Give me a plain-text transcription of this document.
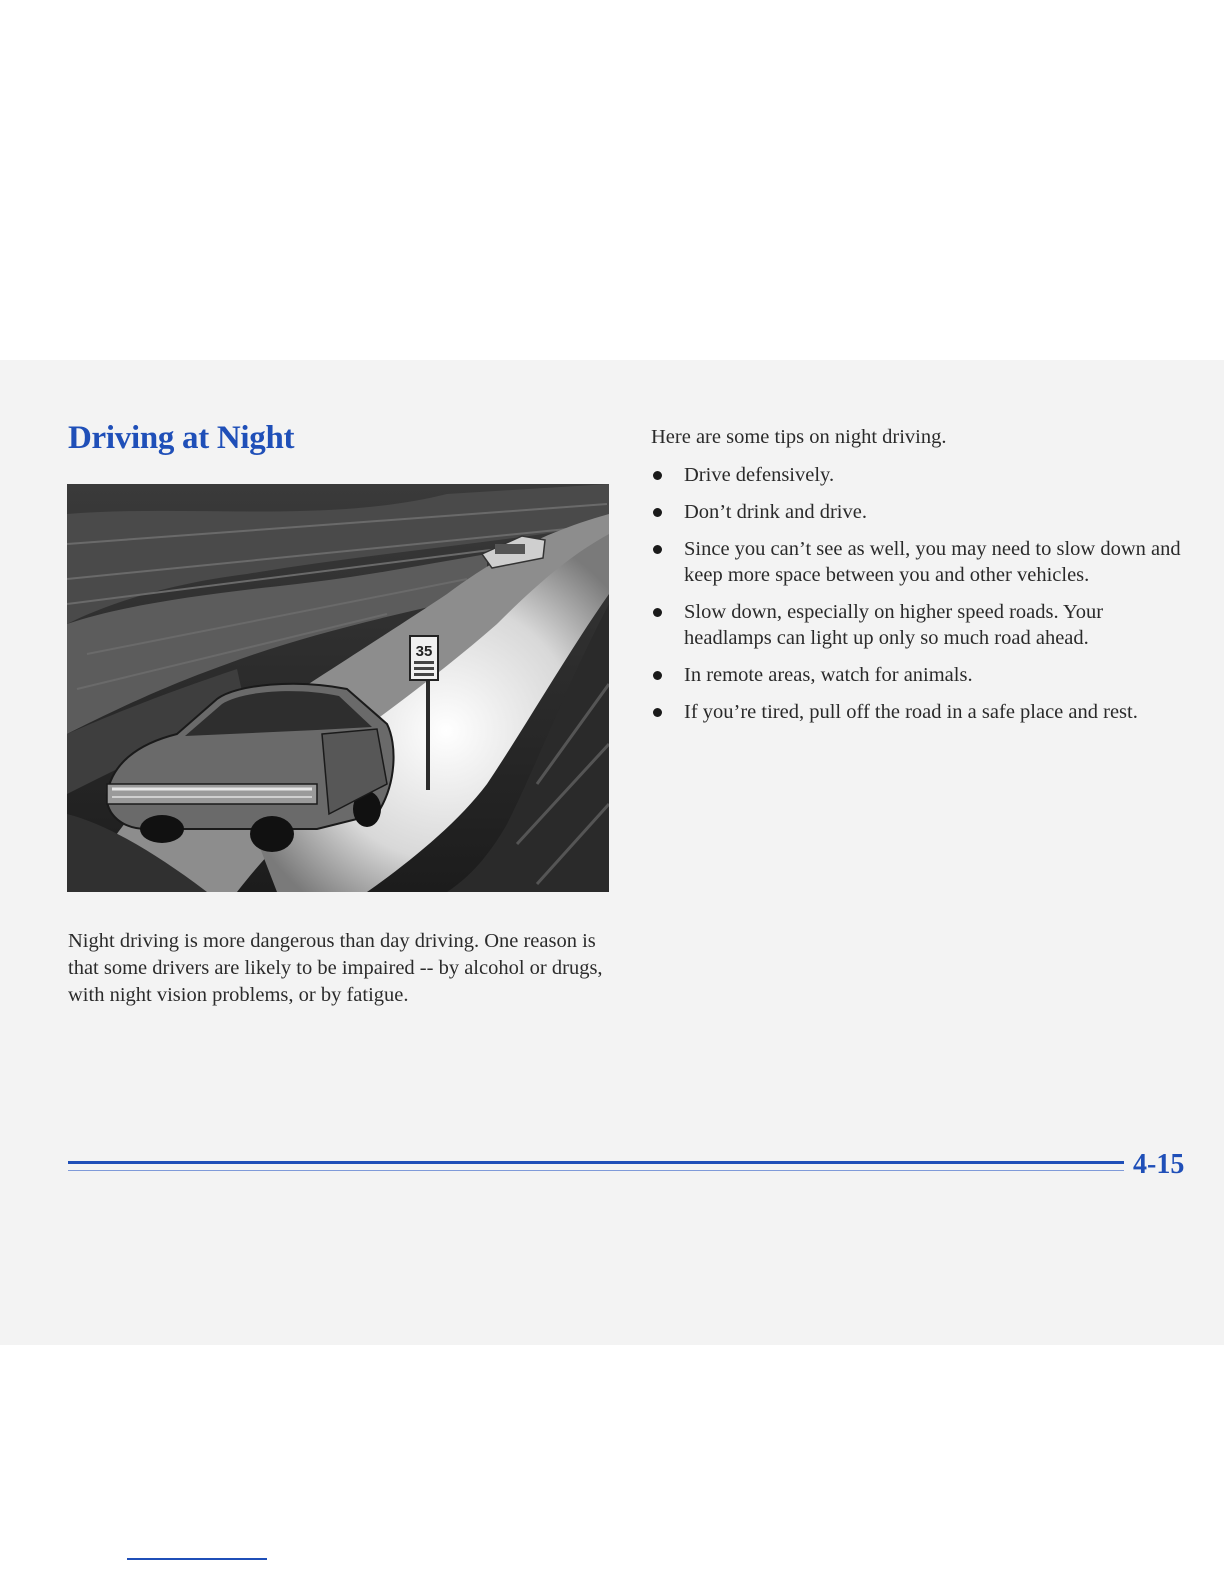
Driving at Night
35

Night driving is more dangerous than day driving. One reason is that some drivers are likely to be impaired -- by alcohol or drugs, with night vision problems, or by fatigue.

Here are some tips on night driving.

Drive defensively.
Don’t drink and drive.
Since you can’t see as well, you may need to slow down and keep more space between you and other vehicles.
Slow down, especially on higher speed roads. Your headlamps can light up only so much road ahead.
In remote areas, watch for animals.
If you’re tired, pull off the road in a safe place and rest.
4-15
